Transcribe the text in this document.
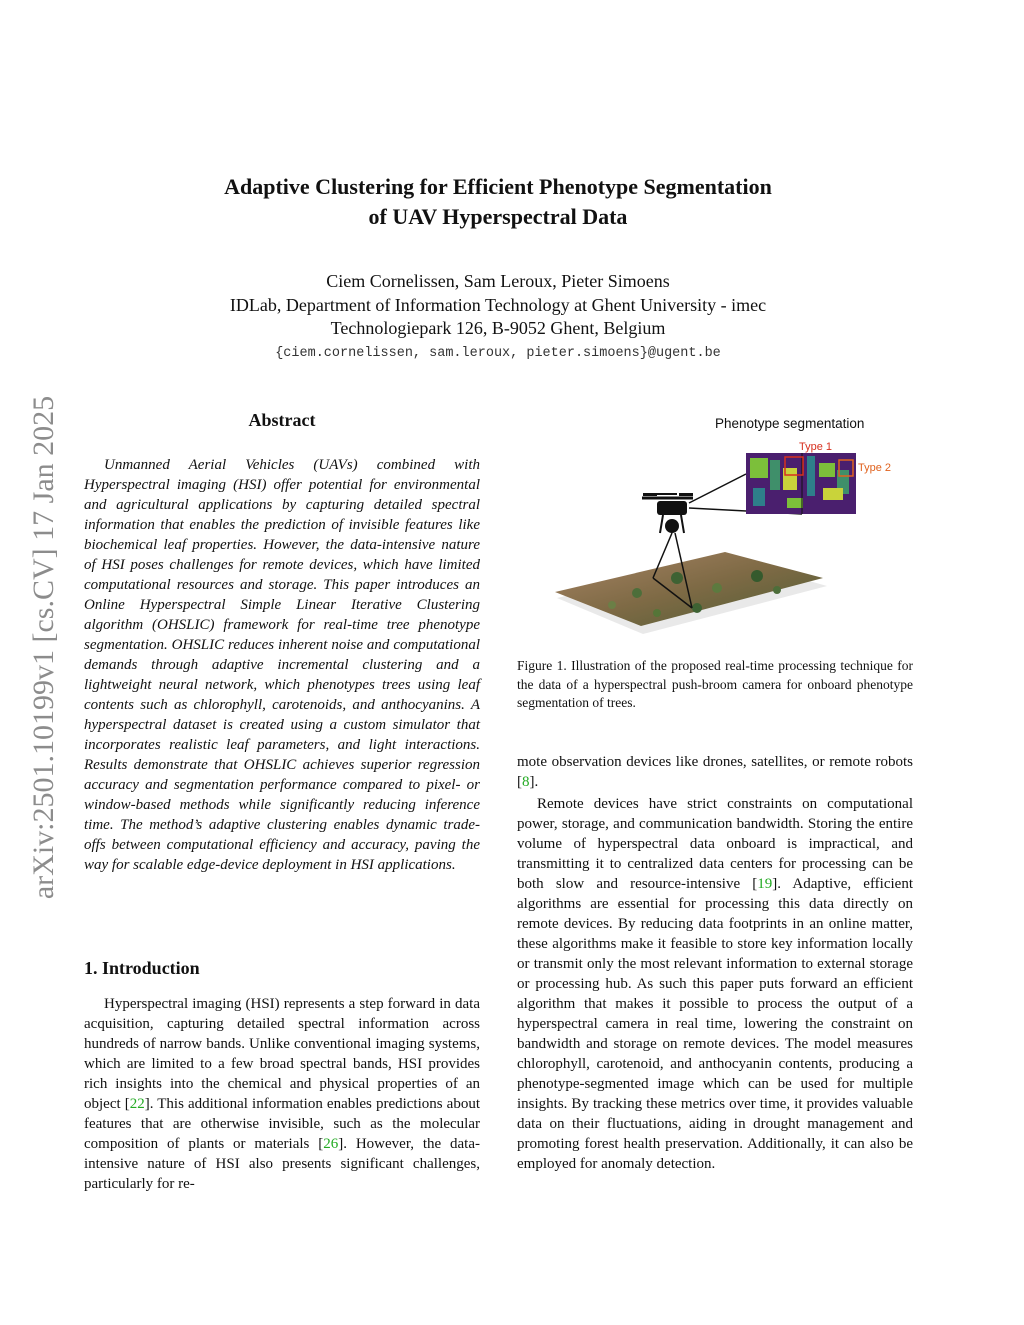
arXiv:2501.10199v1 [cs.CV] 17 Jan 2025
Adaptive Clustering for Efficient Phenotype Segmentation
of UAV Hyperspectral Data
Ciem Cornelissen, Sam Leroux, Pieter Simoens
IDLab, Department of Information Technology at Ghent University - imec
Technologiepark 126, B-9052 Ghent, Belgium
{ciem.cornelissen, sam.leroux, pieter.simoens}@ugent.be
Abstract

Unmanned Aerial Vehicles (UAVs) combined with Hyperspectral imaging (HSI) offer potential for environmental and agricultural applications by capturing detailed spectral information that enables the prediction of invisible features like biochemical leaf properties. However, the data-intensive nature of HSI poses challenges for remote devices, which have limited computational resources and storage. This paper introduces an Online Hyperspectral Simple Linear Iterative Clustering algorithm (OHSLIC) framework for real-time tree phenotype segmentation. OHSLIC reduces inherent noise and computational demands through adaptive incremental clustering and a lightweight neural network, which phenotypes trees using leaf contents such as chlorophyll, carotenoids, and anthocyanins. A hyperspectral dataset is created using a custom simulator that incorporates realistic leaf parameters, and light interactions. Results demonstrate that OHSLIC achieves superior regression accuracy and segmentation performance compared to pixel- or window-based methods while significantly reducing inference time. The method’s adaptive clustering enables dynamic trade-offs between computational efficiency and accuracy, paving the way for scalable edge-device deployment in HSI applications.

1. Introduction

Hyperspectral imaging (HSI) represents a step forward in data acquisition, capturing detailed spectral information across hundreds of narrow bands. Unlike conventional imaging systems, which are limited to a few broad spectral bands, HSI provides rich insights into the chemical and physical properties of an object [22]. This additional information enables predictions about features that are otherwise invisible, such as the molecular composition of plants or materials [26]. However, the data-intensive nature of HSI also presents significant challenges, particularly for re-

Phenotype segmentation
Type 1
Type 2
Figure 1. Illustration of the proposed real-time processing technique for the data of a hyperspectral push-broom camera for onboard phenotype segmentation of trees.

mote observation devices like drones, satellites, or remote robots [8].

Remote devices have strict constraints on computational power, storage, and communication bandwidth. Storing the entire volume of hyperspectral data onboard is impractical, and transmitting it to centralized data centers for processing can be both slow and resource-intensive [19]. Adaptive, efficient algorithms are essential for processing this data directly on remote devices. By reducing data footprints in an online matter, these algorithms make it feasible to store key information locally or transmit only the most relevant information to external storage or processing hub. As such this paper puts forward an efficient algorithm that makes it possible to process the output of a hyperspectral camera in real time, lowering the constraint on bandwidth and storage on remote devices. The model measures chlorophyll, carotenoid, and anthocyanin contents, producing a phenotype-segmented image which can be used for multiple insights. By tracking these metrics over time, it provides valuable data on their fluctuations, aiding in drought management and promoting forest health preservation. Additionally, it can also be employed for anomaly detection.
